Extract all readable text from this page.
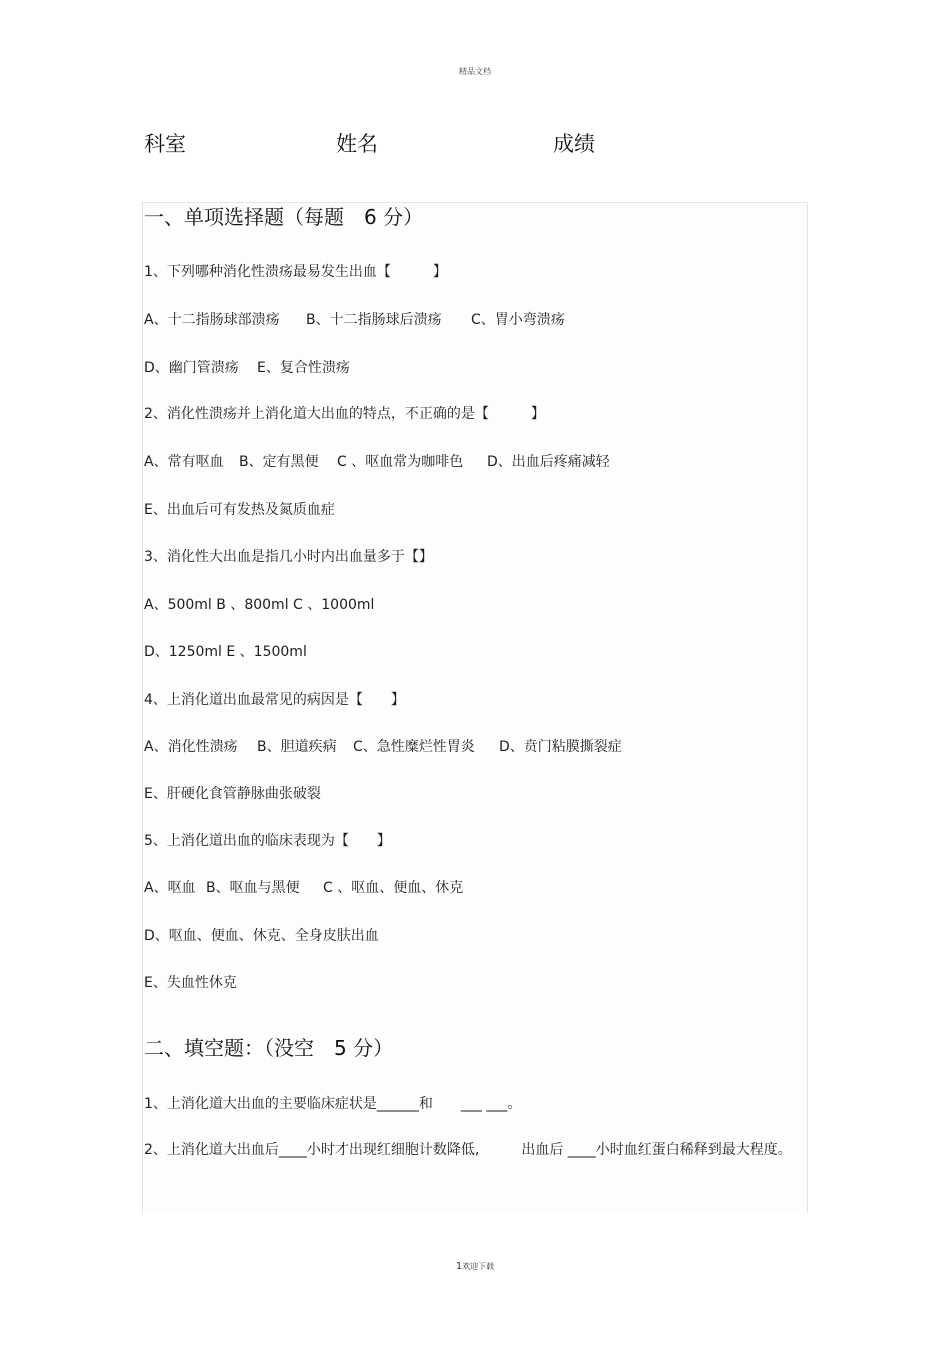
精品文档
科室	姓名	成绩
一、单项选择题（每题　6 分）
1、下列哪种消化性溃疡最易发生出血【　　　】
A、十二指肠球部溃疡 B、十二指肠球后溃疡 C、胃小弯溃疡
D、幽门管溃疡 E、复合性溃疡
2、消化性溃疡并上消化道大出血的特点，不正确的是【　　　】
A、常有呕血 B、定有黑便 C 、呕血常为咖啡色 D、出血后疼痛减轻
E、出血后可有发热及氮质血症
3、消化性大出血是指几小时内出血量多于【】
A、500ml B 、800ml C 、1000ml
D、1250ml E 、1500ml
4、上消化道出血最常见的病因是【　　】
A、消化性溃疡 B、胆道疾病 C、急性糜烂性胃炎 D、贲门粘膜撕裂症
E、肝硬化食管静脉曲张破裂
5、上消化道出血的临床表现为【　　】
A、呕血 B、呕血与黑便 C 、呕血、便血、休克
D、呕血、便血、休克、全身皮肤出血
E、失血性休克
二、填空题：（没空　5 分）
1、上消化道大出血的主要临床症状是______和　　___ ___。
2、上消化道大出血后____小时才出现红细胞计数降低,　　　出血后 ____小时血红蛋白稀释到最大程度。
1欢迎下载
